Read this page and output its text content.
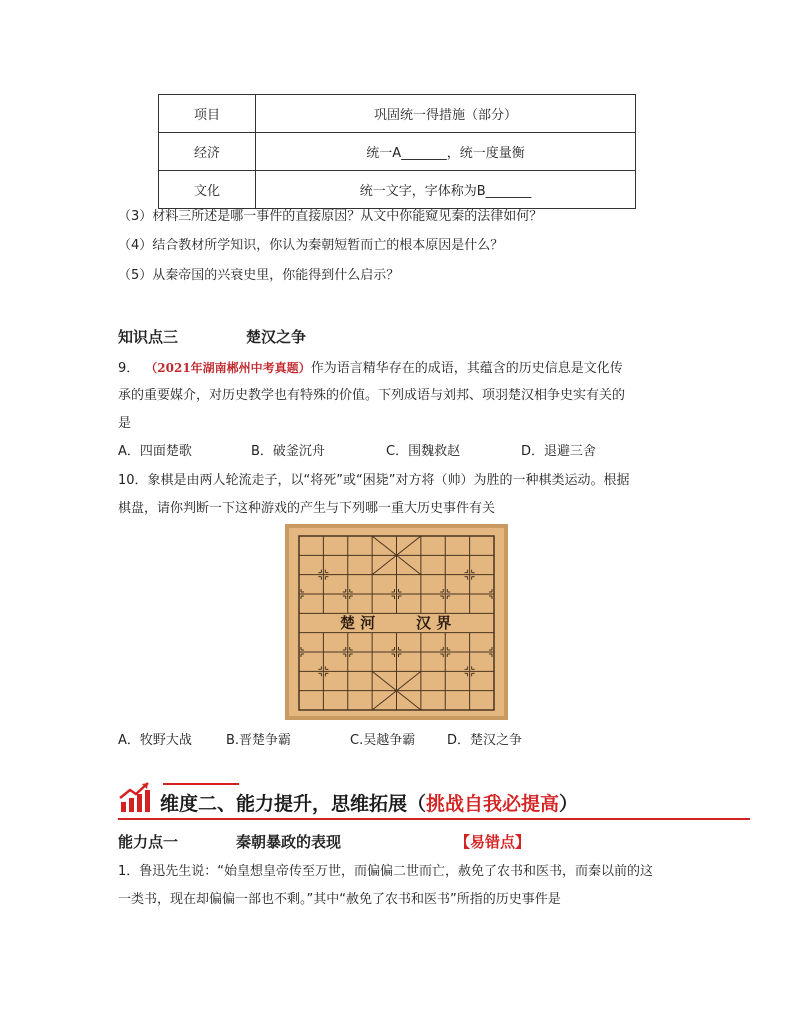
项目	巩固统一得措施（部分）
经济	统一A_______，统一度量衡
文化	统一文字，字体称为B_______
（3）材料三所述是哪一事件的直接原因？从文中你能窥见秦的法律如何？
（4）结合教材所学知识，你认为秦朝短暂而亡的根本原因是什么？
（5）从秦帝国的兴衰史里，你能得到什么启示？
知识点三	楚汉之争
9． （2021年湖南郴州中考真题）作为语言精华存在的成语，其蕴含的历史信息是文化传
承的重要媒介，对历史教学也有特殊的价值。下列成语与刘邦、项羽楚汉相争史实有关的
是
A．四面楚歌	B．破釜沉舟	C．围魏救赵	D．退避三舍
10．象棋是由两人轮流走子，以“将死”或“困毙”对方将（帅）为胜的一种棋类运动。根据
棋盘，请你判断一下这种游戏的产生与下列哪一重大历史事件有关
楚 河	汉 界
A．牧野大战	B.晋楚争霸	C.吴越争霸 D．楚汉之争
维度二、能力提升，思维拓展（挑战自我必提高）
能力点一	秦朝暴政的表现	【易错点】
1．鲁迅先生说：“始皇想皇帝传至万世，而偏偏二世而亡，赦免了农书和医书，而秦以前的这
一类书，现在却偏偏一部也不剩。”其中“赦免了农书和医书”所指的历史事件是
